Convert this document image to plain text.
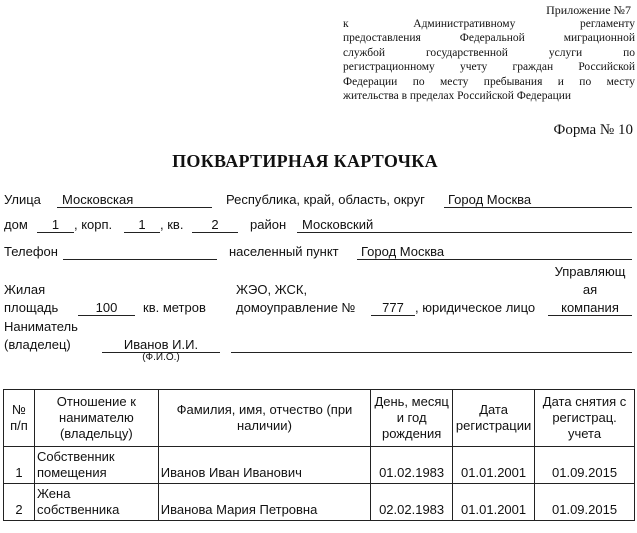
Приложение №7
к Административному регламенту
предоставления Федеральной миграционной
службой государственной услуги по
регистрационному учету граждан Российской
Федерации по месту пребывания и по месту
жительства в пределах Российской Федерации
Форма № 10
ПОКВАРТИРНАЯ КАРТОЧКА
Улица Московская	Республика, край, область, округ Город Москва
дом	1	, корп.	1	, кв.	2	район Московский
Телефон	населенный пункт Город Москва
Жилая
площадь	100	кв. метров
ЖЭО, ЖСК,
домоуправление №	777 , юридическое лицо
Управляющ
ая
компания
Наниматель
(владелец)	Иванов И.И.
(Ф.И.О.)
№ п/п	Отношение к нанимателю (владельцу)	Фамилия, имя, отчество (при наличии)	День, месяц и год рождения	Дата регистрации	Дата снятия с регистрац. учета
1	Собственник помещения	Иванов Иван Иванович	01.02.1983	01.01.2001	01.09.2015
2	Жена собственника	Иванова Мария Петровна	02.02.1983	01.01.2001	01.09.2015
